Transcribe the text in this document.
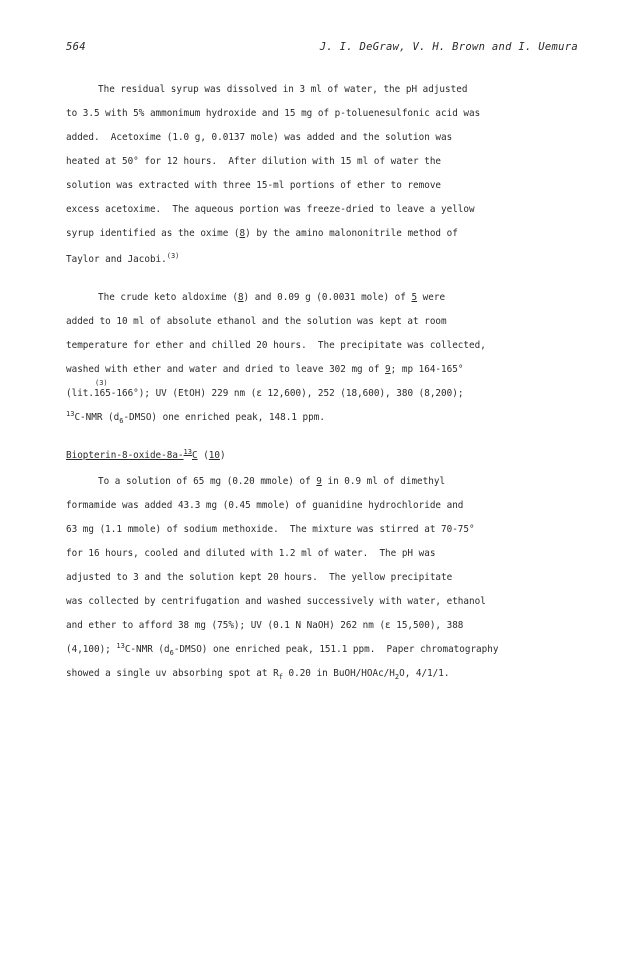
564	J. I. DeGraw, V. H. Brown and I. Uemura
The residual syrup was dissolved in 3 ml of water, the pH adjusted
to 3.5 with 5% ammonimum hydroxide and 15 mg of p-toluenesulfonic acid was
added.  Acetoxime (1.0 g, 0.0137 mole) was added and the solution was
heated at 50° for 12 hours.  After dilution with 15 ml of water the
solution was extracted with three 15-ml portions of ether to remove
excess acetoxime.  The aqueous portion was freeze-dried to leave a yellow
syrup identified as the oxime (8) by the amino malononitrile method of
Taylor and Jacobi.$^{(3)}$
The crude keto aldoxime (8) and 0.09 g (0.0031 mole) of 5 were
added to 10 ml of absolute ethanol and the solution was kept at room
temperature for ether and chilled 20 hours.  The precipitate was collected,
washed with ether and water and dried to leave 302 mg of 9; mp 164-165°
(3)
(lit.165-166°); UV (EtOH) 229 nm (ε 12,600), 252 (18,600), 380 (8,200);
$^{13}$C-NMR $(d_6-DMSO)$ one enriched peak, 148.1 ppm.
Biopterin-8-oxide-8a-$^{13}$C (10)
To a solution of 65 mg (0.20 mmole) of 9 in 0.9 ml of dimethyl
formamide was added 43.3 mg (0.45 mmole) of guanidine hydrochloride and
63 mg (1.1 mmole) of sodium methoxide.  The mixture was stirred at 70-75°
for 16 hours, cooled and diluted with 1.2 ml of water.  The pH was
adjusted to 3 and the solution kept 20 hours.  The yellow precipitate
was collected by centrifugation and washed successively with water, ethanol
and ether to afford 38 mg (75%); UV (0.1 N NaOH) 262 nm (ε 15,500), 388
(4,100); $^{13}$C-NMR $(d_6-DMSO)$ one enriched peak, 151.1 ppm.  Paper chromatography
showed a single uv absorbing spot at $R_f$ 0.20 in BuOH/$HOAc/H_2O$, 4/1/1.
